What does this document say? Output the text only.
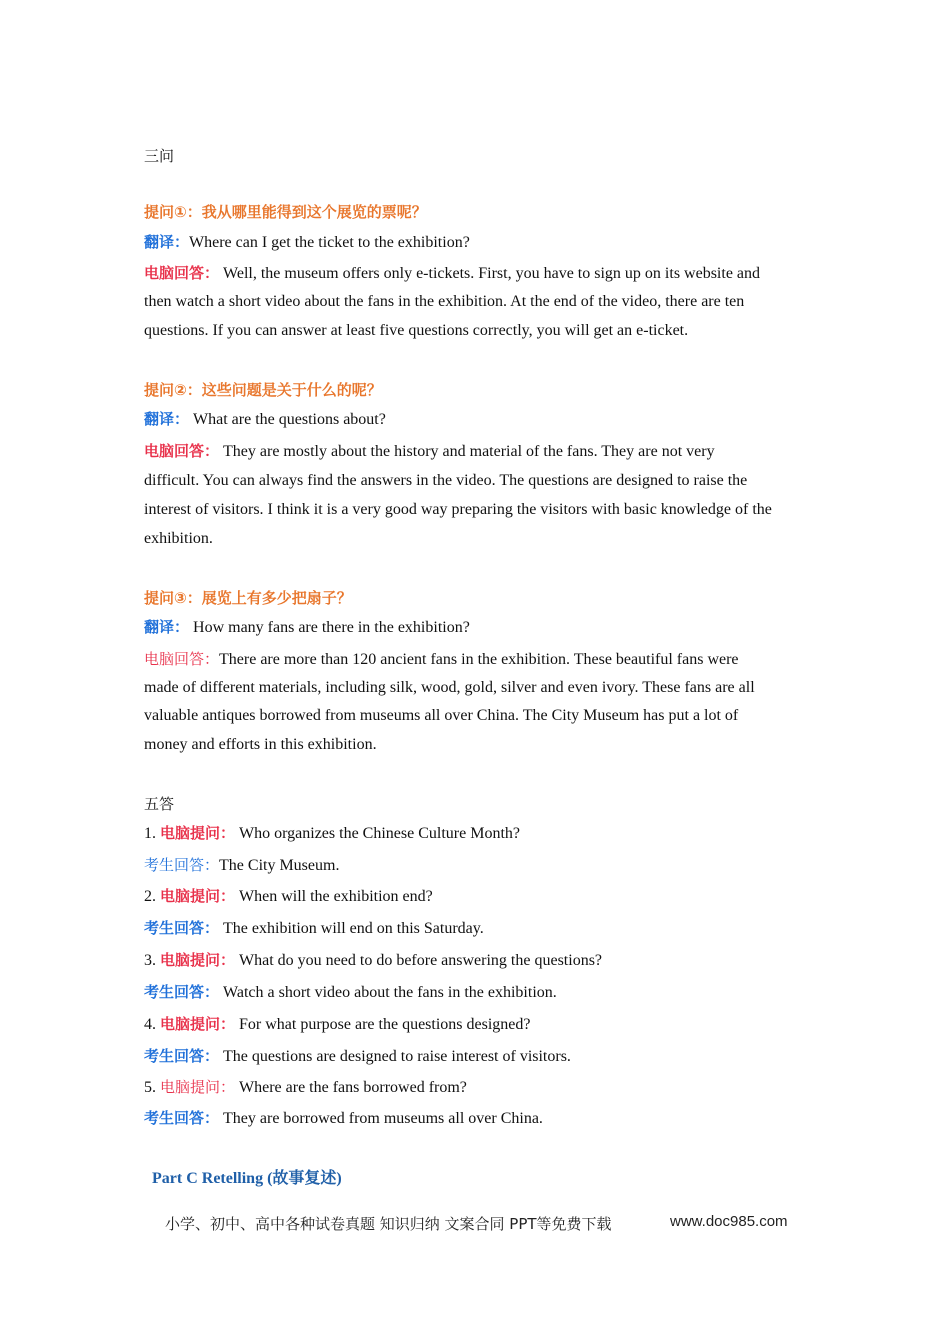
三问
提问①：我从哪里能得到这个展览的票呢？
翻译：Where can I get the ticket to the exhibition?
电脑回答： Well, the museum offers only e-tickets. First, you have to sign up on its website and
then watch a short video about the fans in the exhibition. At the end of the video, there are ten
questions. If you can answer at least five questions correctly, you will get an e-ticket.
提问②：这些问题是关于什么的呢？
翻译： What are the questions about?
电脑回答： They are mostly about the history and material of the fans. They are not very
difficult. You can always find the answers in the video. The questions are designed to raise the
interest of visitors. I think it is a very good way preparing the visitors with basic knowledge of the
exhibition.
提问③：展览上有多少把扇子？
翻译： How many fans are there in the exhibition?
电脑回答：There are more than 120 ancient fans in the exhibition. These beautiful fans were
made of different materials, including silk, wood, gold, silver and even ivory. These fans are all
valuable antiques borrowed from museums all over China. The City Museum has put a lot of
money and efforts in this exhibition.
五答
1. 电脑提问： Who organizes the Chinese Culture Month?
考生回答：The City Museum.
2. 电脑提问： When will the exhibition end?
考生回答： The exhibition will end on this Saturday.
3. 电脑提问： What do you need to do before answering the questions?
考生回答： Watch a short video about the fans in the exhibition.
4. 电脑提问： For what purpose are the questions designed?
考生回答： The questions are designed to raise interest of visitors.
5. 电脑提问： Where are the fans borrowed from?
考生回答： They are borrowed from museums all over China.
Part C Retelling (故事复述)
小学、初中、高中各种试卷真题 知识归纳 文案合同 PPT等免费下载	www.doc985.com
